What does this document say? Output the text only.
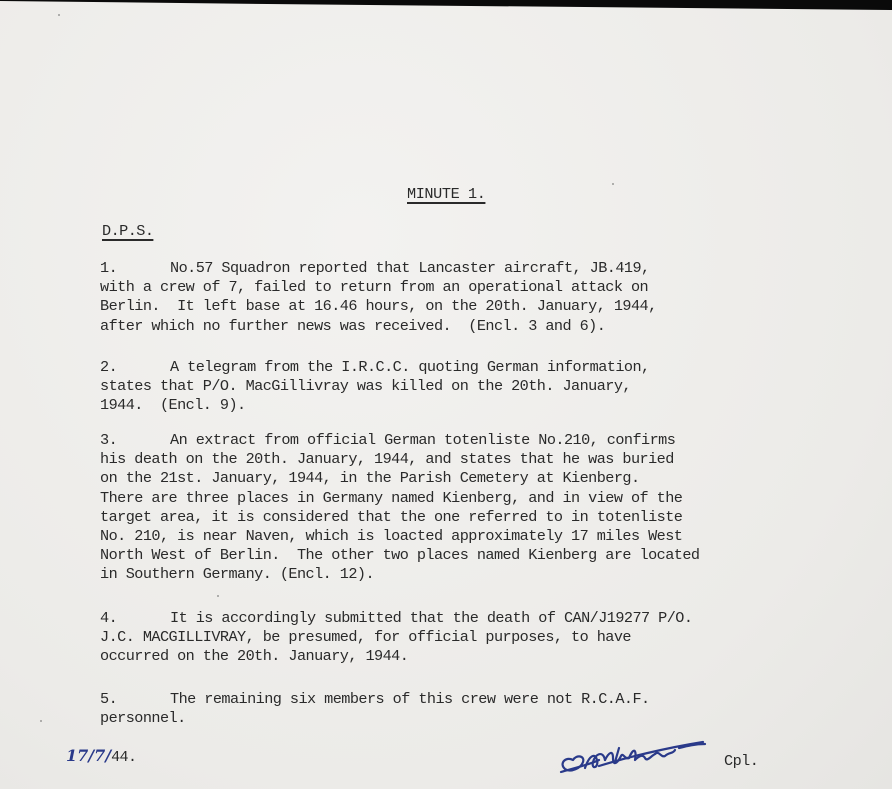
MINUTE 1.
D.P.S.
1.	No.57 Squadron reported that Lancaster aircraft, JB.419,
with a crew of 7, failed to return from an operational attack on
Berlin.  It left base at 16.46 hours, on the 20th. January, 1944,
after which no further news was received.  (Encl. 3 and 6).
2.	A telegram from the I.R.C.C. quoting German information,
states that P/O. MacGillivray was killed on the 20th. January,
1944.  (Encl. 9).
3.	An extract from official German totenliste No.210, confirms
his death on the 20th. January, 1944, and states that he was buried
on the 21st. January, 1944, in the Parish Cemetery at Kienberg.
There are three places in Germany named Kienberg, and in view of the
target area, it is considered that the one referred to in totenliste
No. 210, is near Naven, which is loacted approximately 17 miles West
North West of Berlin.  The other two places named Kienberg are located
in Southern Germany. (Encl. 12).
4.	It is accordingly submitted that the death of CAN/J19277 P/O.
J.C. MACGILLIVRAY, be presumed, for official purposes, to have
occurred on the 20th. January, 1944.
5.	The remaining six members of this crew were not R.C.A.F.
personnel.
17/7/44.	Cpl.
